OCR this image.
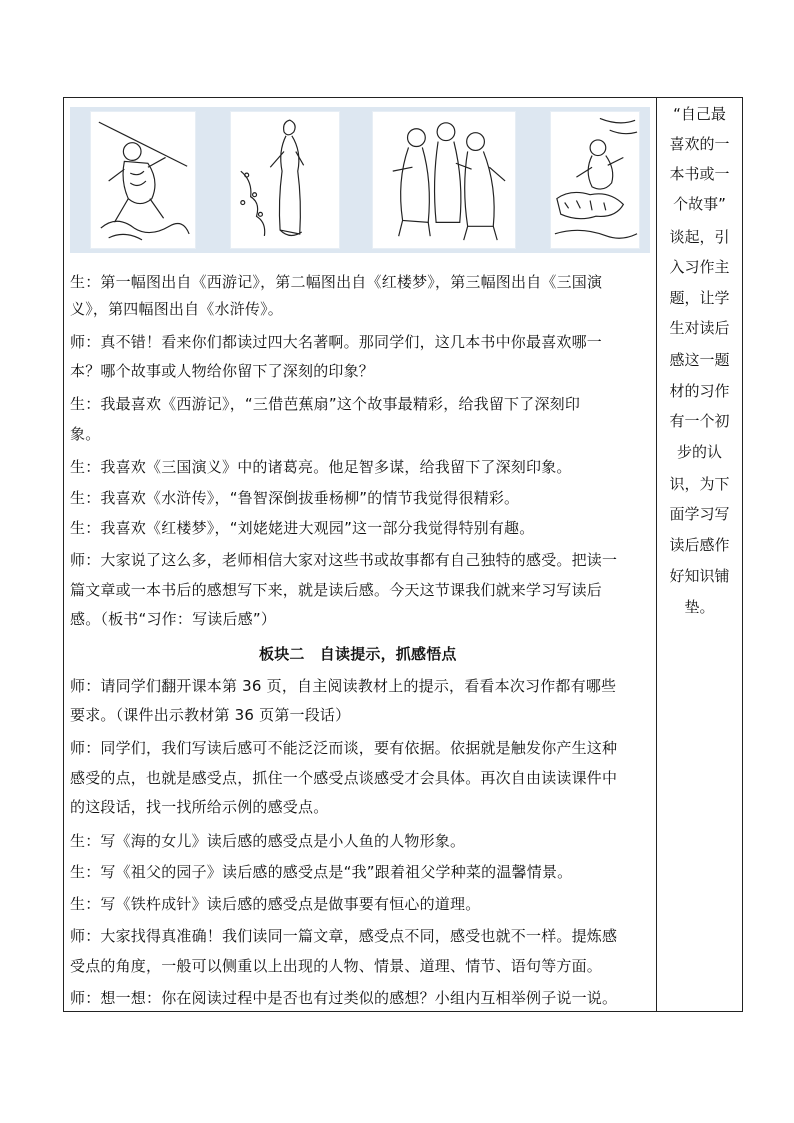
生：第一幅图出自《西游记》，第二幅图出自《红楼梦》，第三幅图出自《三国演
义》，第四幅图出自《水浒传》。
师：真不错！看来你们都读过四大名著啊。那同学们，这几本书中你最喜欢哪一
本？哪个故事或人物给你留下了深刻的印象？
生：我最喜欢《西游记》，“三借芭蕉扇”这个故事最精彩，给我留下了深刻印
象。
生：我喜欢《三国演义》中的诸葛亮。他足智多谋，给我留下了深刻印象。
生：我喜欢《水浒传》，“鲁智深倒拔垂杨柳”的情节我觉得很精彩。
生：我喜欢《红楼梦》，“刘姥姥进大观园”这一部分我觉得特别有趣。
师：大家说了这么多，老师相信大家对这些书或故事都有自己独特的感受。把读一
篇文章或一本书后的感想写下来，就是读后感。今天这节课我们就来学习写读后
感。（板书“习作：写读后感”）
板块二　自读提示，抓感悟点
师：请同学们翻开课本第 36 页，自主阅读教材上的提示，看看本次习作都有哪些
要求。（课件出示教材第 36 页第一段话）
师：同学们，我们写读后感可不能泛泛而谈，要有依据。依据就是触发你产生这种
感受的点，也就是感受点，抓住一个感受点谈感受才会具体。再次自由读读课件中
的这段话，找一找所给示例的感受点。
生：写《海的女儿》读后感的感受点是小人鱼的人物形象。
生：写《祖父的园子》读后感的感受点是“我”跟着祖父学种菜的温馨情景。
生：写《铁杵成针》读后感的感受点是做事要有恒心的道理。
师：大家找得真准确！我们读同一篇文章，感受点不同，感受也就不一样。提炼感
受点的角度，一般可以侧重以上出现的人物、情景、道理、情节、语句等方面。
师：想一想：你在阅读过程中是否也有过类似的感想？小组内互相举例子说一说。
“自己最
喜欢的一
本书或一
个故事”
谈起，引
入习作主
题，让学
生对读后
感这一题
材的习作
有一个初
步的认
识，为下
面学习写
读后感作
好知识铺
垫。
